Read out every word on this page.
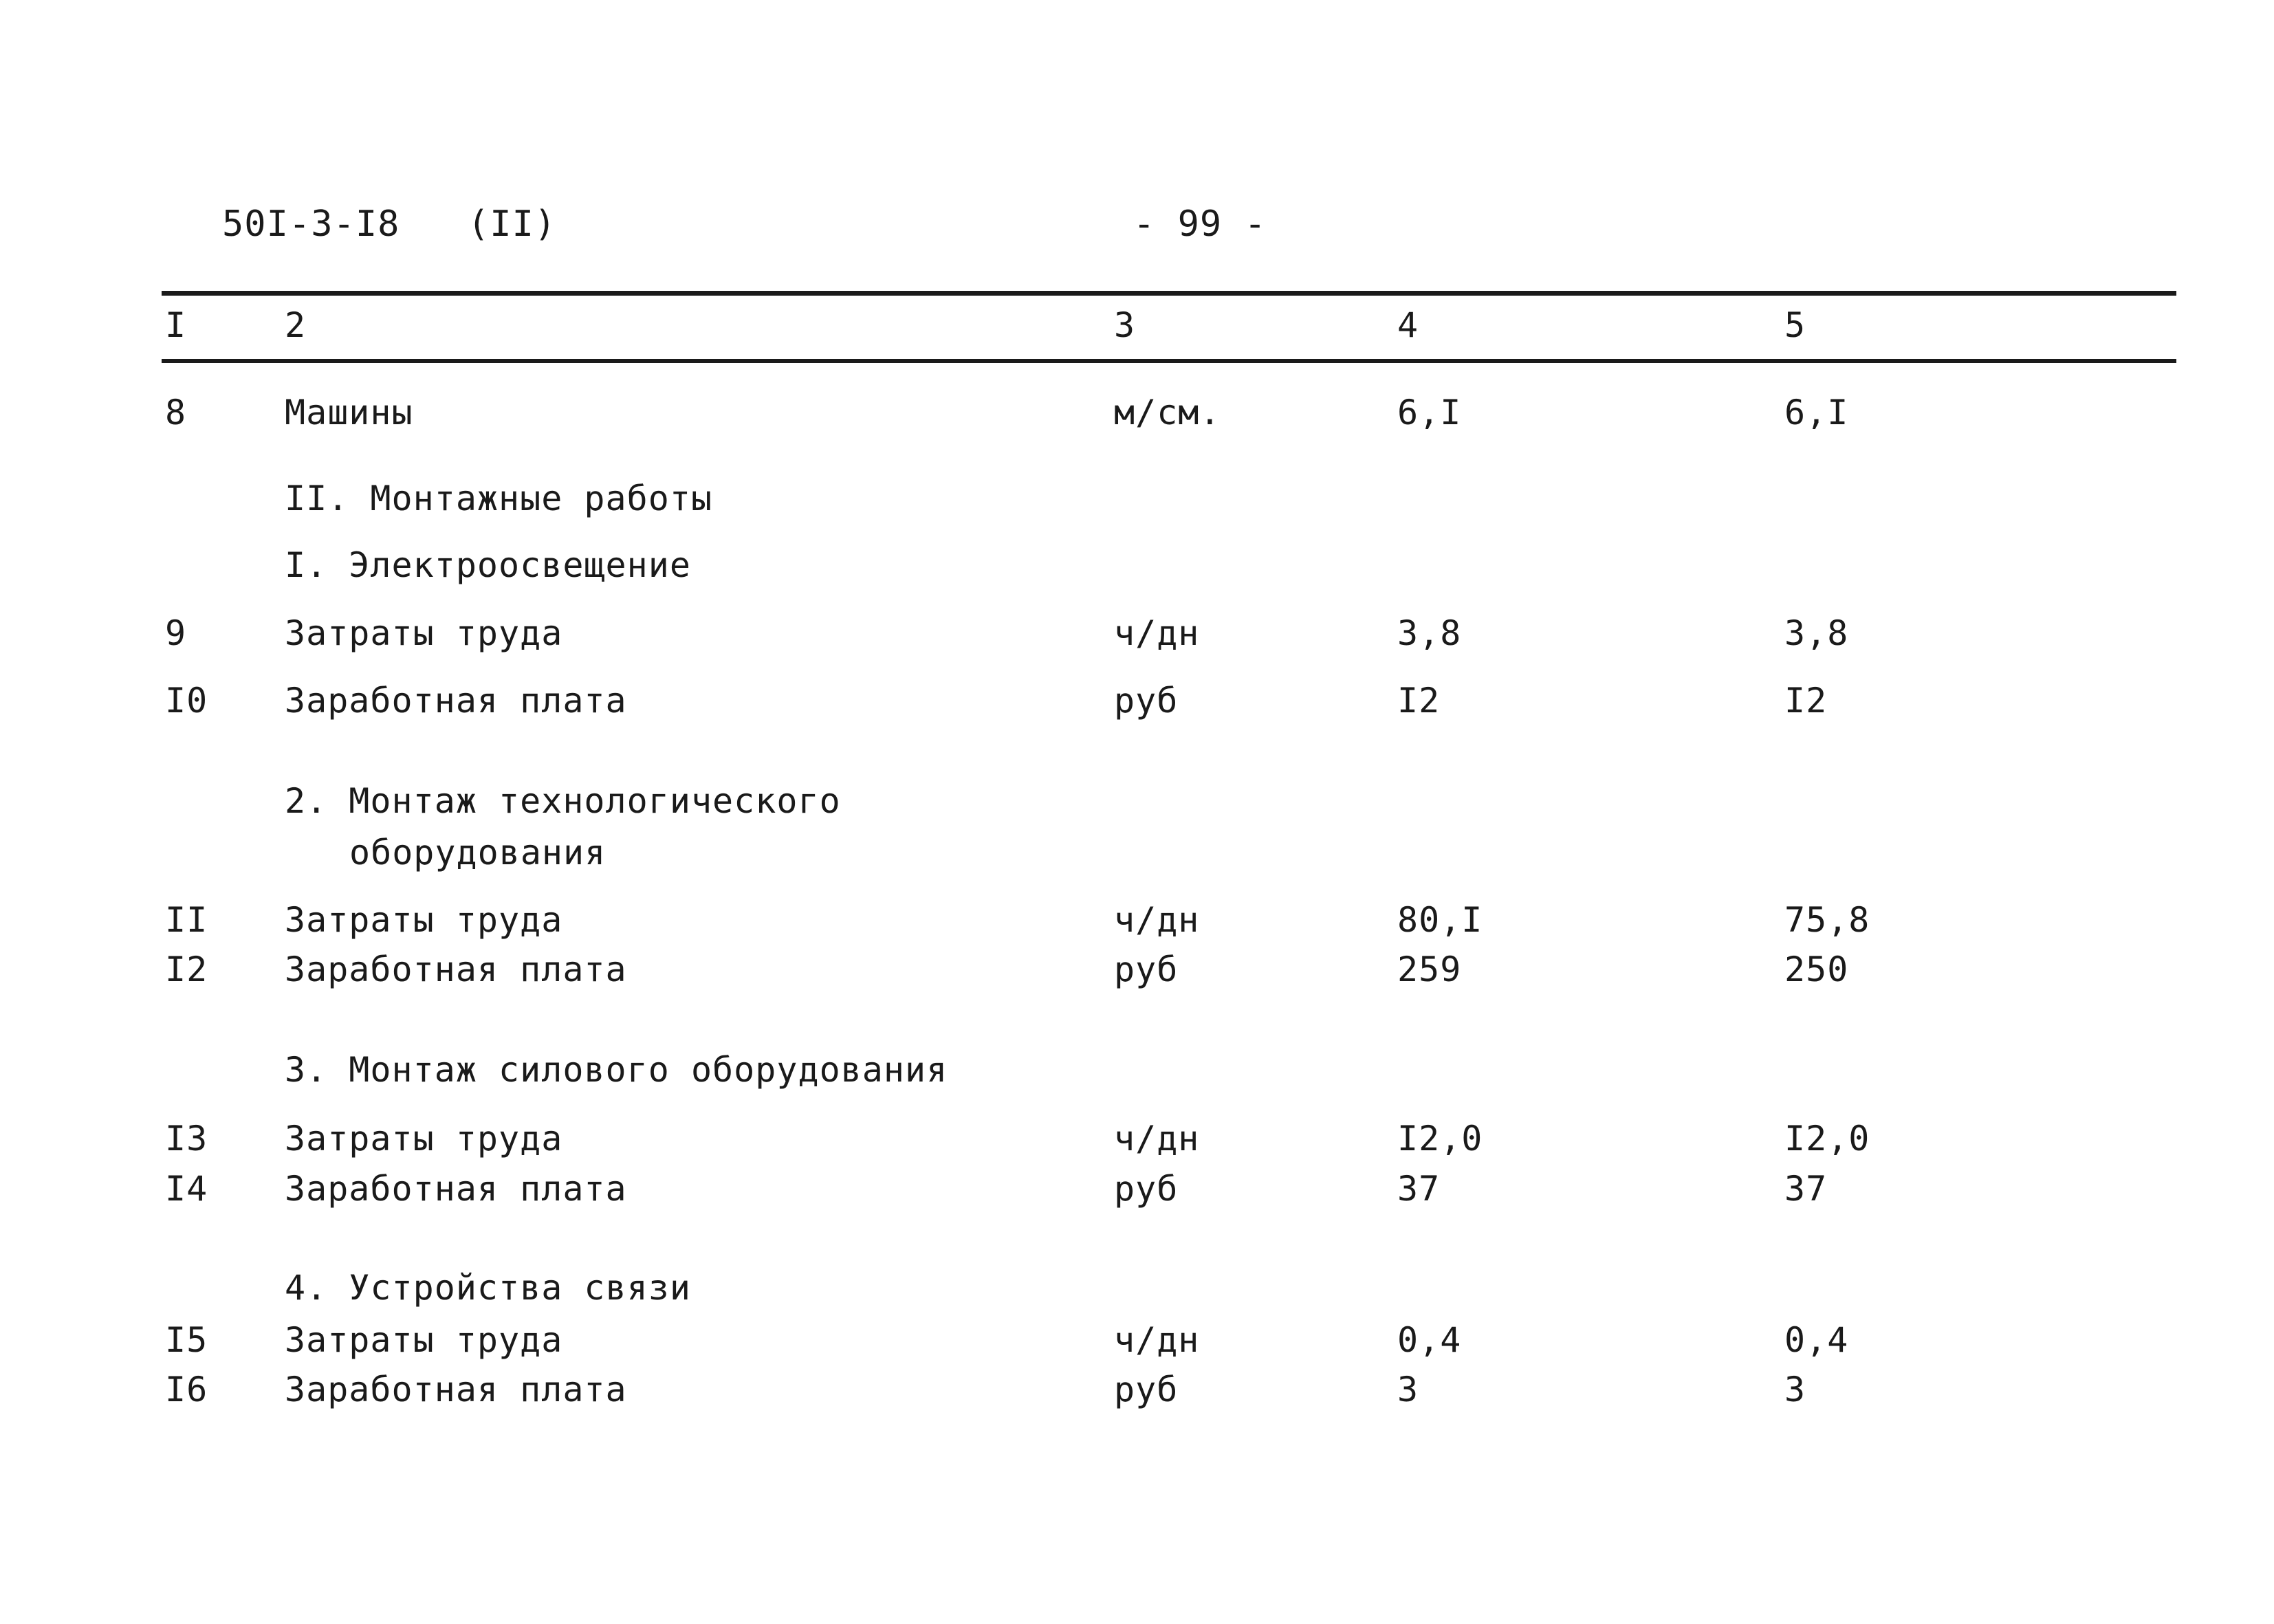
50I-3-I8 (II)	- 99 -
I	2	3	4	5
8	Машины	м/см.	6,I	6,I
II. Монтажные работы
I. Электроосвещение
9	Затраты труда	ч/дн	3,8	3,8
I0 Заработная плата	руб	I2	I2
2. Монтаж технологического
оборудования
II Затраты труда	ч/дн	80,I	75,8
I2 Заработная плата	руб	259	250
3. Монтаж силового оборудования
I3 Затраты труда	ч/дн	I2,0	I2,0
I4 Заработная плата	руб	37	37
4. Устройства связи
I5 Затраты труда	ч/дн	0,4	0,4
I6 Заработная плата	руб	3	3
